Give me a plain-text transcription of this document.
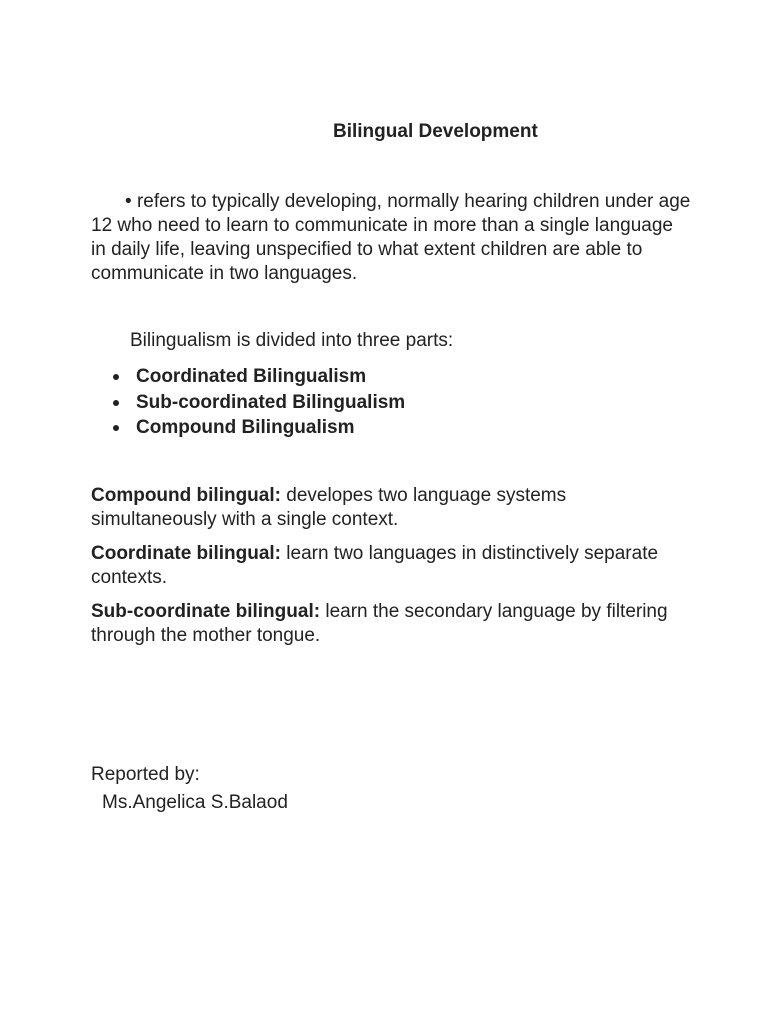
Bilingual Development

• refers to typically developing, normally hearing children under age 12 who need to learn to communicate in more than a single language in daily life, leaving unspecified to what extent children are able to communicate in two languages.

Bilingualism is divided into three parts:
Coordinated Bilingualism
Sub-coordinated Bilingualism
Compound Bilingualism

Compound bilingual: developes two language systems simultaneously with a single context.

Coordinate bilingual: learn two languages in distinctively separate contexts.

Sub-coordinate bilingual: learn the secondary language by filtering through the mother tongue.

Reported by:
Ms.Angelica S.Balaod
